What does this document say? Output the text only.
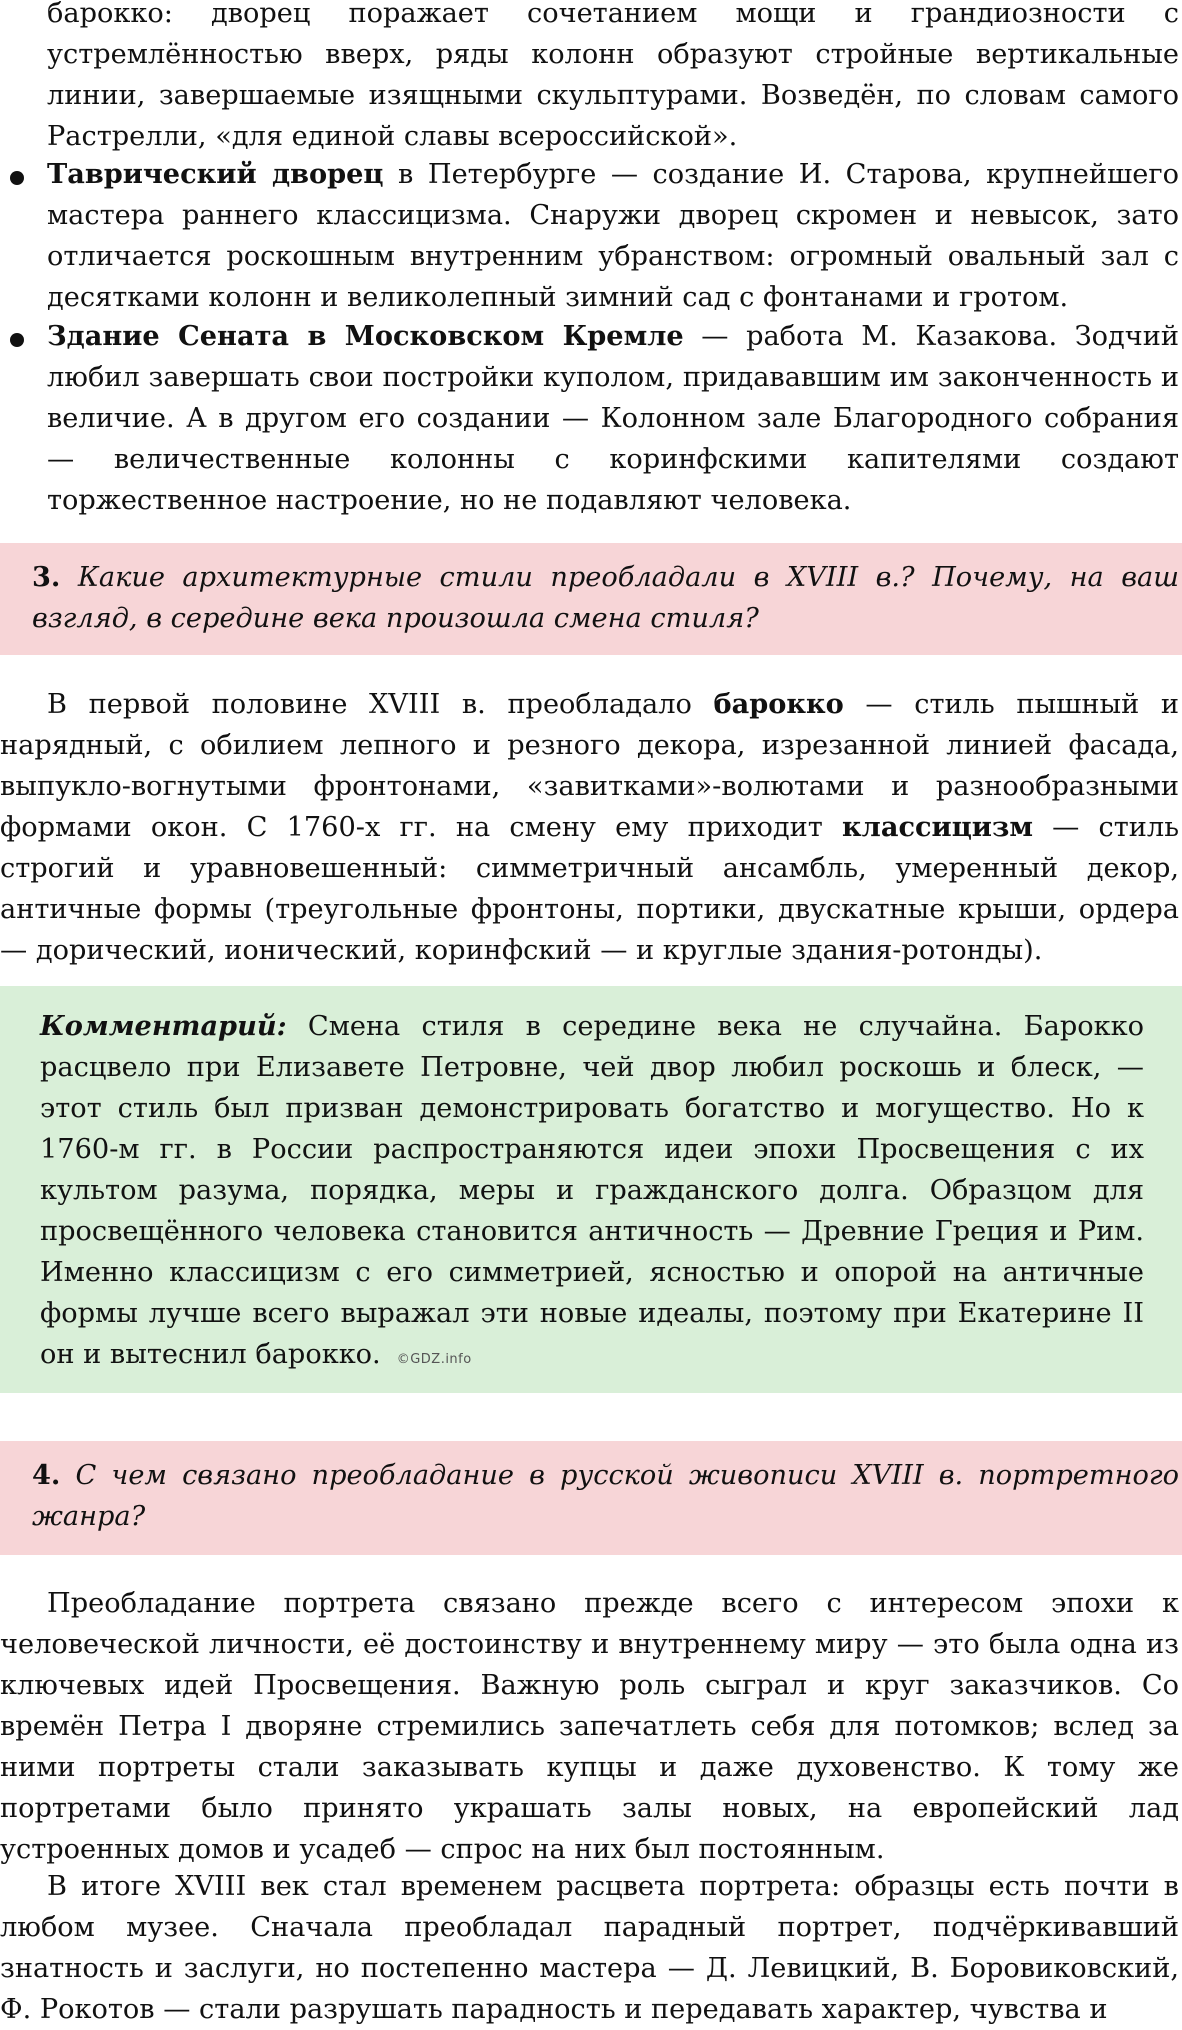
барокко: дворец поражает сочетанием мощи и грандиозности с устремлённостью вверх, ряды колонн образуют стройные вертикальные линии, завершаемые изящными скульптурами. Возведён, по словам самого Растрелли, «для единой славы всероссийской».
Таврический дворец в Петербурге — создание И. Старова, крупнейшего мастера раннего классицизма. Снаружи дворец скромен и невысок, зато отличается роскошным внутренним убранством: огромный овальный зал с десятками колонн и великолепный зимний сад с фонтанами и гротом.
Здание Сената в Московском Кремле — работа М. Казакова. Зодчий любил завершать свои постройки куполом, придававшим им законченность и величие. А в другом его создании — Колонном зале Благородного собрания — величественные колонны с коринфскими капителями создают торжественное настроение, но не подавляют человека.
3. Какие архитектурные стили преобладали в XVIII в.? Почему, на ваш взгляд, в середине века произошла смена стиля?
В первой половине XVIII в. преобладало барокко — стиль пышный и нарядный, с обилием лепного и резного декора, изрезанной линией фасада, выпукло-вогнутыми фронтонами, «завитками»-волютами и разнообразными формами окон. С 1760-х гг. на смену ему приходит классицизм — стиль строгий и уравновешенный: симметричный ансамбль, умеренный декор, античные формы (треугольные фронтоны, портики, двускатные крыши, ордера — дорический, ионический, коринфский — и круглые здания-ротонды).
Комментарий: Смена стиля в середине века не случайна. Барокко расцвело при Елизавете Петровне, чей двор любил роскошь и блеск, — этот стиль был призван демонстрировать богатство и могущество. Но к 1760-м гг. в России распространяются идеи эпохи Просвещения с их культом разума, порядка, меры и гражданского долга. Образцом для просвещённого человека становится античность — Древние Греция и Рим. Именно классицизм с его симметрией, ясностью и опорой на античные формы лучше всего выражал эти новые идеалы, поэтому при Екатерине II он и вытеснил барокко. ©GDZ.info
4. С чем связано преобладание в русской живописи XVIII в. портретного жанра?
Преобладание портрета связано прежде всего с интересом эпохи к человеческой личности, её достоинству и внутреннему миру — это была одна из ключевых идей Просвещения. Важную роль сыграл и круг заказчиков. Со времён Петра I дворяне стремились запечатлеть себя для потомков; вслед за ними портреты стали заказывать купцы и даже духовенство. К тому же портретами было принято украшать залы новых, на европейский лад устроенных домов и усадеб — спрос на них был постоянным.
В итоге XVIII век стал временем расцвета портрета: образцы есть почти в любом музее. Сначала преобладал парадный портрет, подчёркивавший знатность и заслуги, но постепенно мастера — Д. Левицкий, В. Боровиковский, Ф. Рокотов — стали разрушать парадность и передавать характер, чувства и
